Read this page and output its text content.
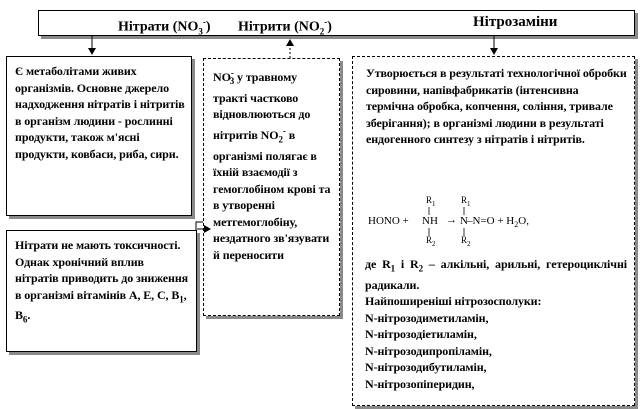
Нітрати $(NO_3^-)$ Нітрити $(NO_2^-)$	Нітрозаміни
Є метаболітами живих організмів. Основне джерело надходження нітратів і нітритів в організм людини - рослинні продукти, також м'ясні продукти, ковбаси, риба, сири.
Нітрати не мають токсичності. Однак хронічний вплив нітратів приводить до зниження в організмі вітамінів А, Е, С, $В_1$, $В_6$.
$NO^-_3$ у травному тракті частково відновлюються до нітритів $NO_2^-$ в організмі полягає в їхній взаємодії з гемоглобіном крові та в утворенні метгемоглобіну, нездатного зв'язувати й переносити
Утворюється в результаті технологічної обробки сировини, напівфабрикатів (інтенсивна термічна обробка, копчення, соління, тривале зберігання); в організмі людини в результаті ендогенного синтезу з нітратів і нітритів.
HONO + NH → N $-N=O + H_2O$,
$R_1$
$R_2$
$R_1$
$R_2$
де $R_1$ і $R_2$ – алкільні, арильні, гетероциклічні радикали.
Найпоширеніші нітрозосполуки:
N-нітрозодиметиламін,
N-нітрозодіетиламін,
N-нітрозодипропіламін,
N-нітрозодибутиламін,
N-нітрозопіперидин,
